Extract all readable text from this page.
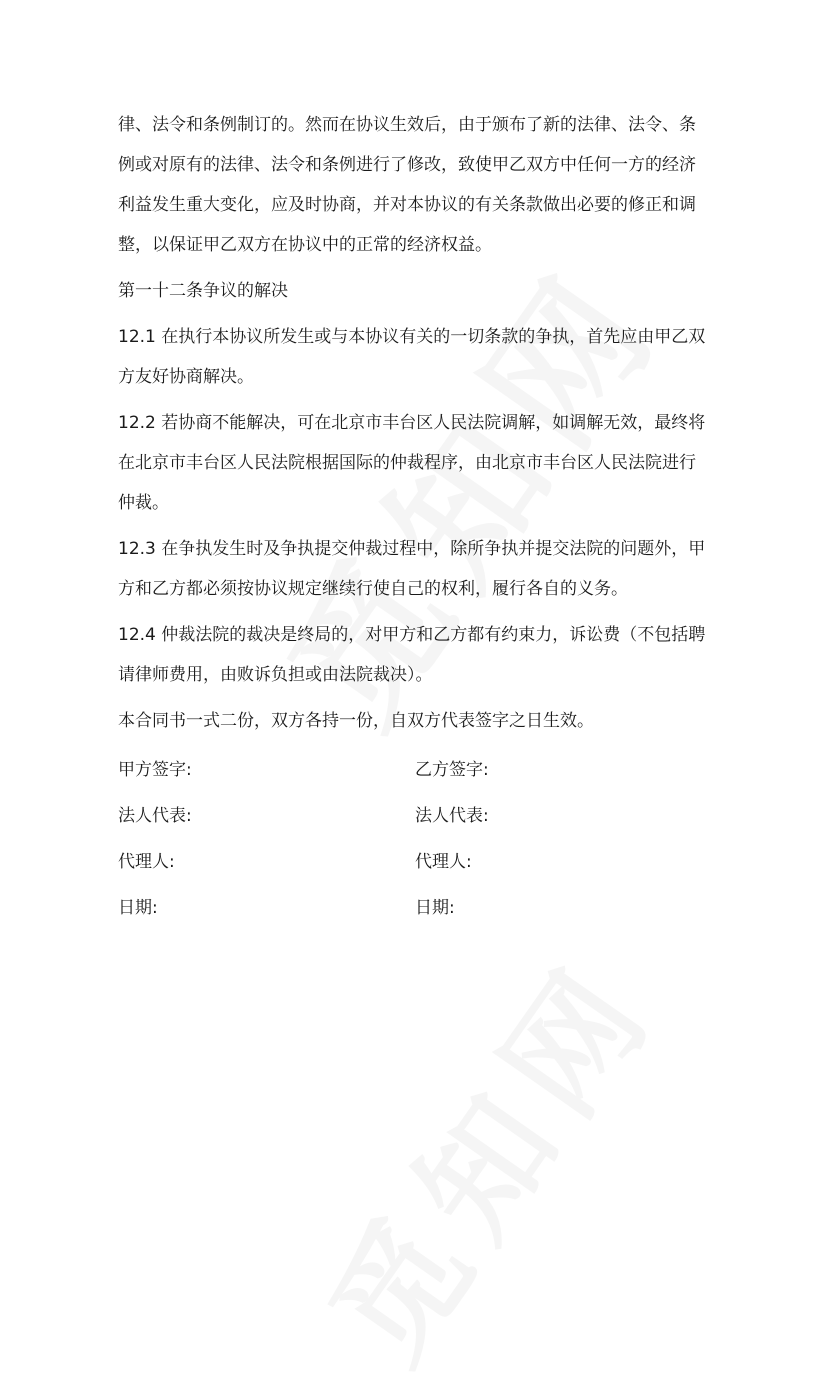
律、法令和条例制订的。然而在协议生效后，由于颁布了新的法律、法令、条
例或对原有的法律、法令和条例进行了修改，致使甲乙双方中任何一方的经济
利益发生重大变化，应及时协商，并对本协议的有关条款做出必要的修正和调
整，以保证甲乙双方在协议中的正常的经济权益。

第一十二条争议的解决

12.1 在执行本协议所发生或与本协议有关的一切条款的争执，首先应由甲乙双
方友好协商解决。

12.2 若协商不能解决，可在北京市丰台区人民法院调解，如调解无效，最终将
在北京市丰台区人民法院根据国际的仲裁程序，由北京市丰台区人民法院进行
仲裁。

12.3 在争执发生时及争执提交仲裁过程中，除所争执并提交法院的问题外，甲
方和乙方都必须按协议规定继续行使自己的权利，履行各自的义务。

12.4 仲裁法院的裁决是终局的，对甲方和乙方都有约束力，诉讼费（不包括聘
请律师费用，由败诉负担或由法院裁决）。

本合同书一式二份，双方各持一份，自双方代表签字之日生效。

甲方签字:	乙方签字:
法人代表:	法人代表:
代理人:	代理人:
日期:	日期:
